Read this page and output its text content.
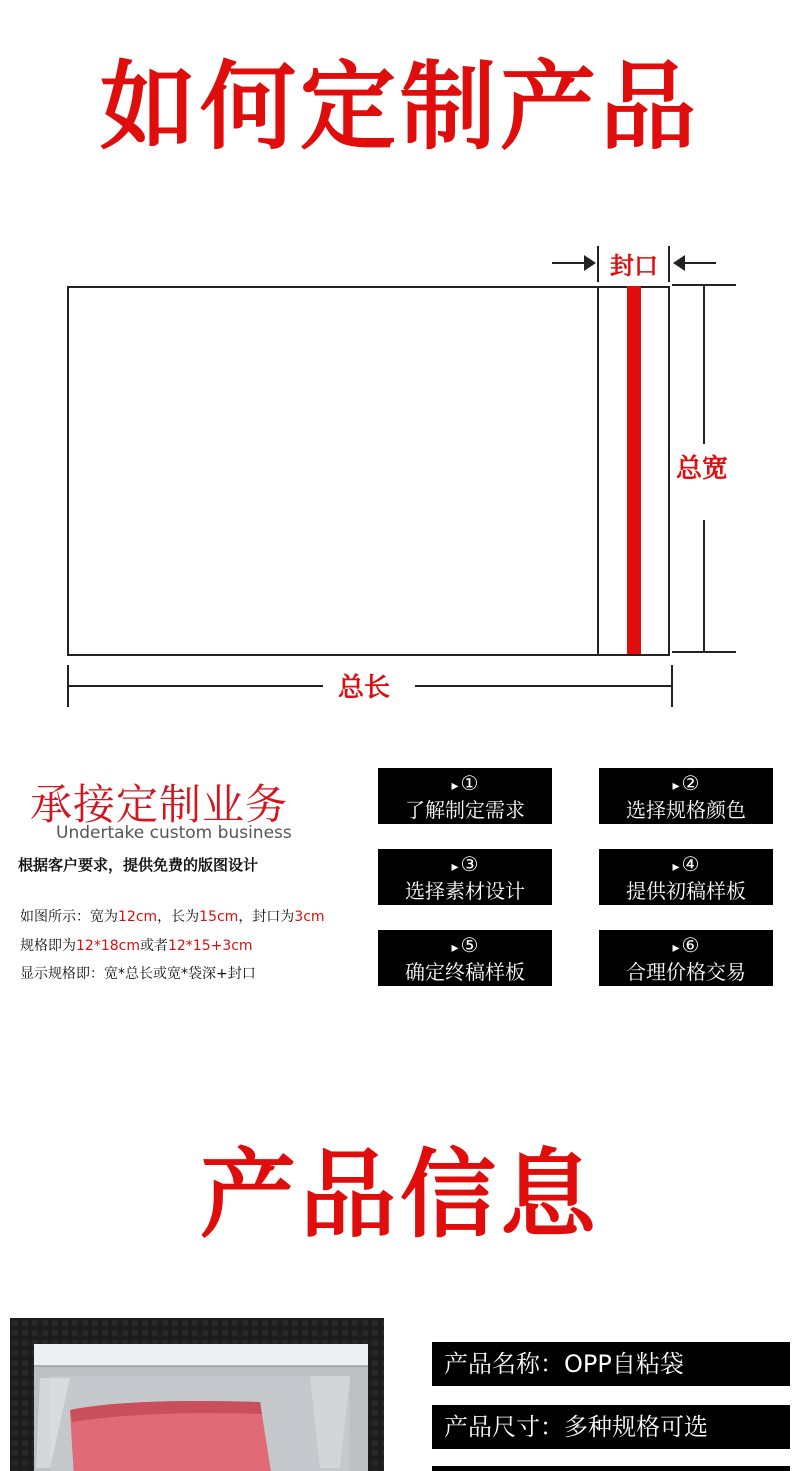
如何定制产品
封口
总宽
总长
承接定制业务
Undertake custom business
根据客户要求，提供免费的版图设计
如图所示：宽为12cm，长为15cm，封口为3cm
规格即为12*18cm或者12*15+3cm
显示规格即：宽*总长或宽*袋深+封口
▸ ①
了解制定需求
▸ ②
选择规格颜色
▸ ③
选择素材设计
▸ ④
提供初稿样板
▸ ⑤
确定终稿样板
▸ ⑥
合理价格交易
产品信息
产品名称：OPP自粘袋
产品尺寸：多种规格可选
